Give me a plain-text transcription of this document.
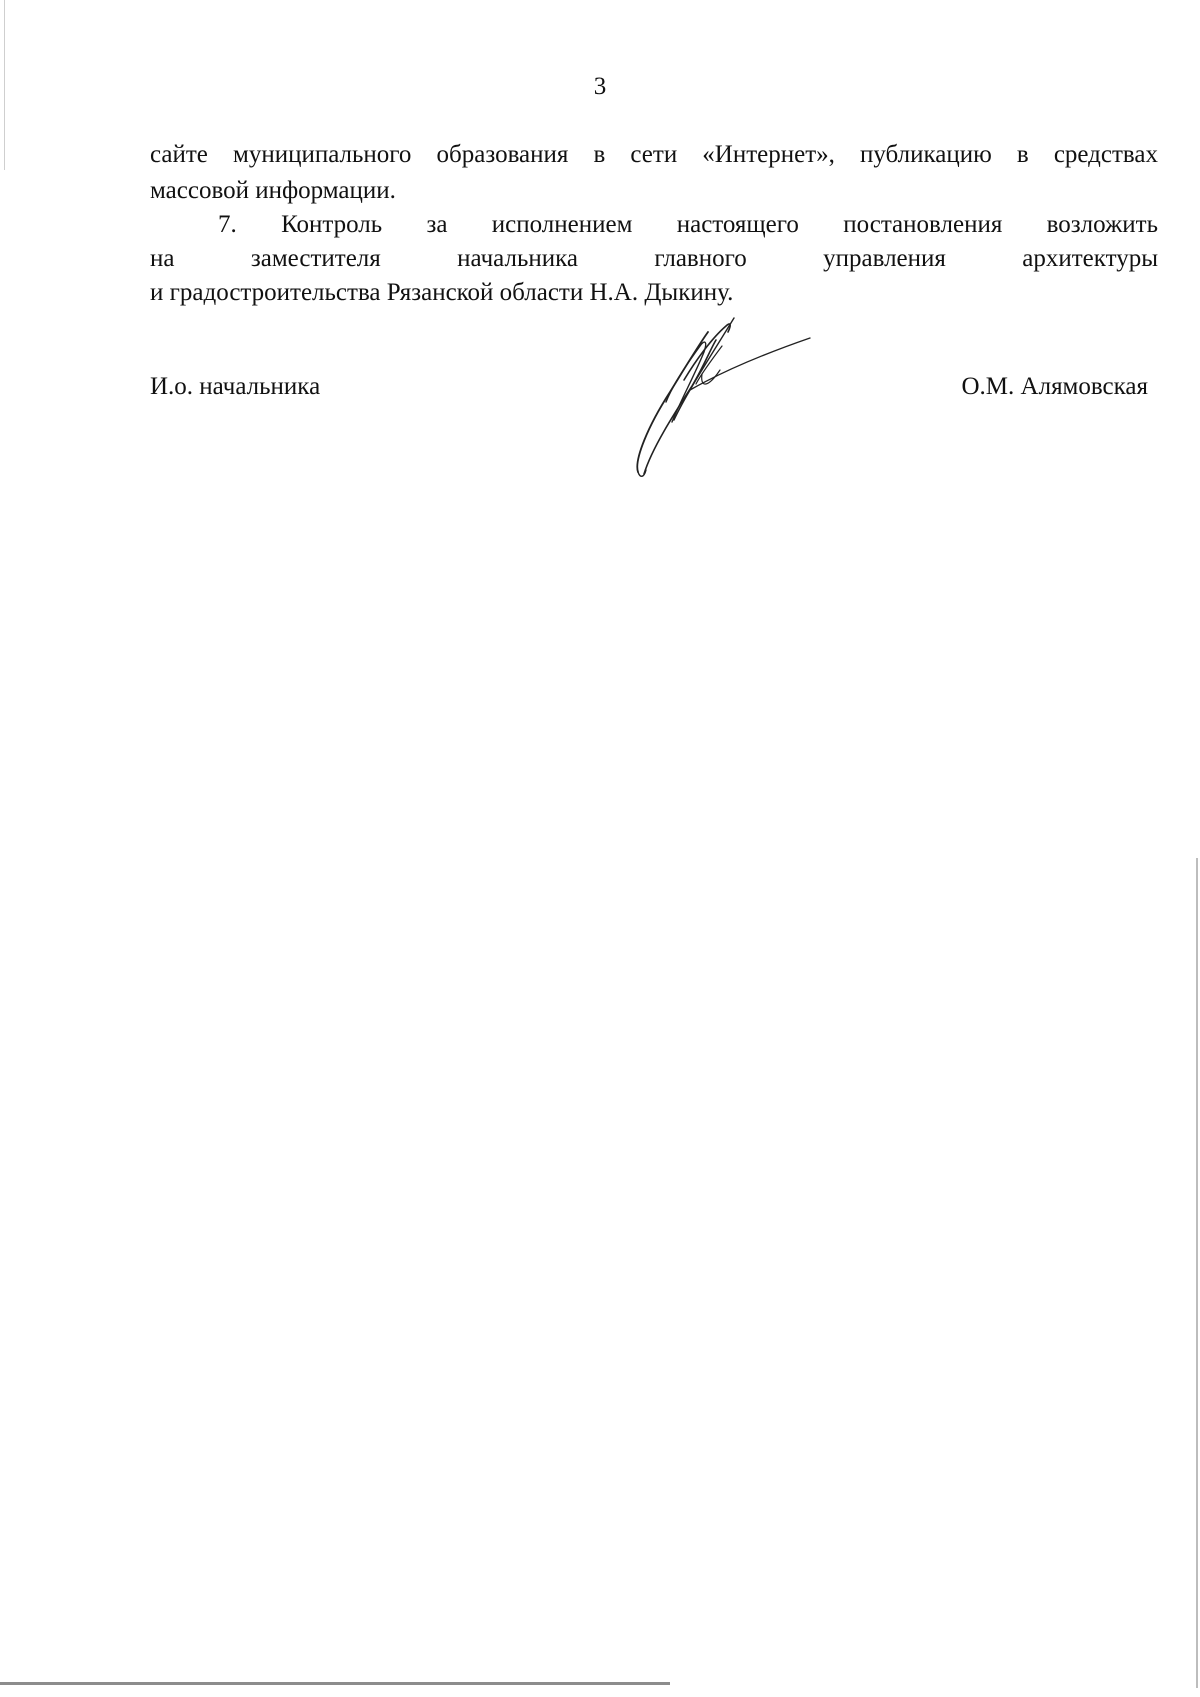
3
сайте муниципального образования в сети «Интернет», публикацию в средствах
массовой информации.
7. Контроль за исполнением настоящего постановления возложить
на заместителя начальника главного управления архитектуры
и градостроительства Рязанской области Н.А. Дыкину.
И.о. начальника	О.М. Алямовская
